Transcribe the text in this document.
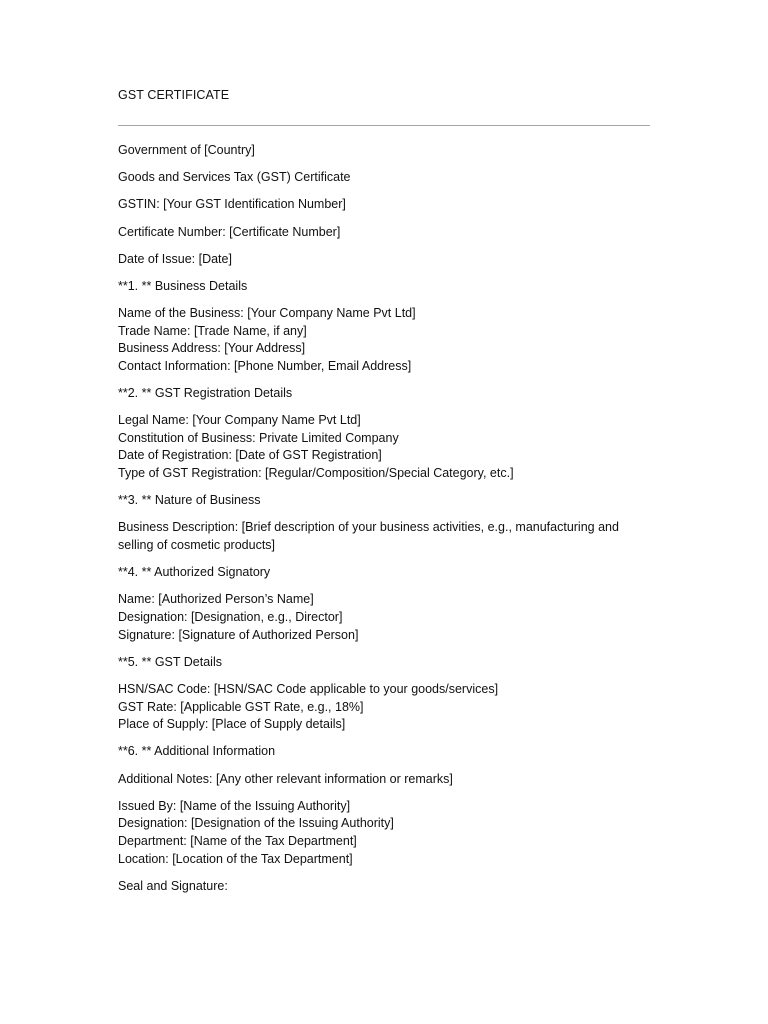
GST CERTIFICATE

Government of [Country]

Goods and Services Tax (GST) Certificate

GSTIN: [Your GST Identification Number]

Certificate Number: [Certificate Number]

Date of Issue: [Date]

**1. ** Business Details

Name of the Business: [Your Company Name Pvt Ltd]
Trade Name: [Trade Name, if any]
Business Address: [Your Address]
Contact Information: [Phone Number, Email Address]

**2. ** GST Registration Details

Legal Name: [Your Company Name Pvt Ltd]
Constitution of Business: Private Limited Company
Date of Registration: [Date of GST Registration]
Type of GST Registration: [Regular/Composition/Special Category, etc.]

**3. ** Nature of Business

Business Description: [Brief description of your business activities, e.g., manufacturing and selling of cosmetic products]

**4. ** Authorized Signatory

Name: [Authorized Person’s Name]
Designation: [Designation, e.g., Director]
Signature: [Signature of Authorized Person]

**5. ** GST Details

HSN/SAC Code: [HSN/SAC Code applicable to your goods/services]
GST Rate: [Applicable GST Rate, e.g., 18%]
Place of Supply: [Place of Supply details]

**6. ** Additional Information

Additional Notes: [Any other relevant information or remarks]

Issued By: [Name of the Issuing Authority]
Designation: [Designation of the Issuing Authority]
Department: [Name of the Tax Department]
Location: [Location of the Tax Department]

Seal and Signature:
